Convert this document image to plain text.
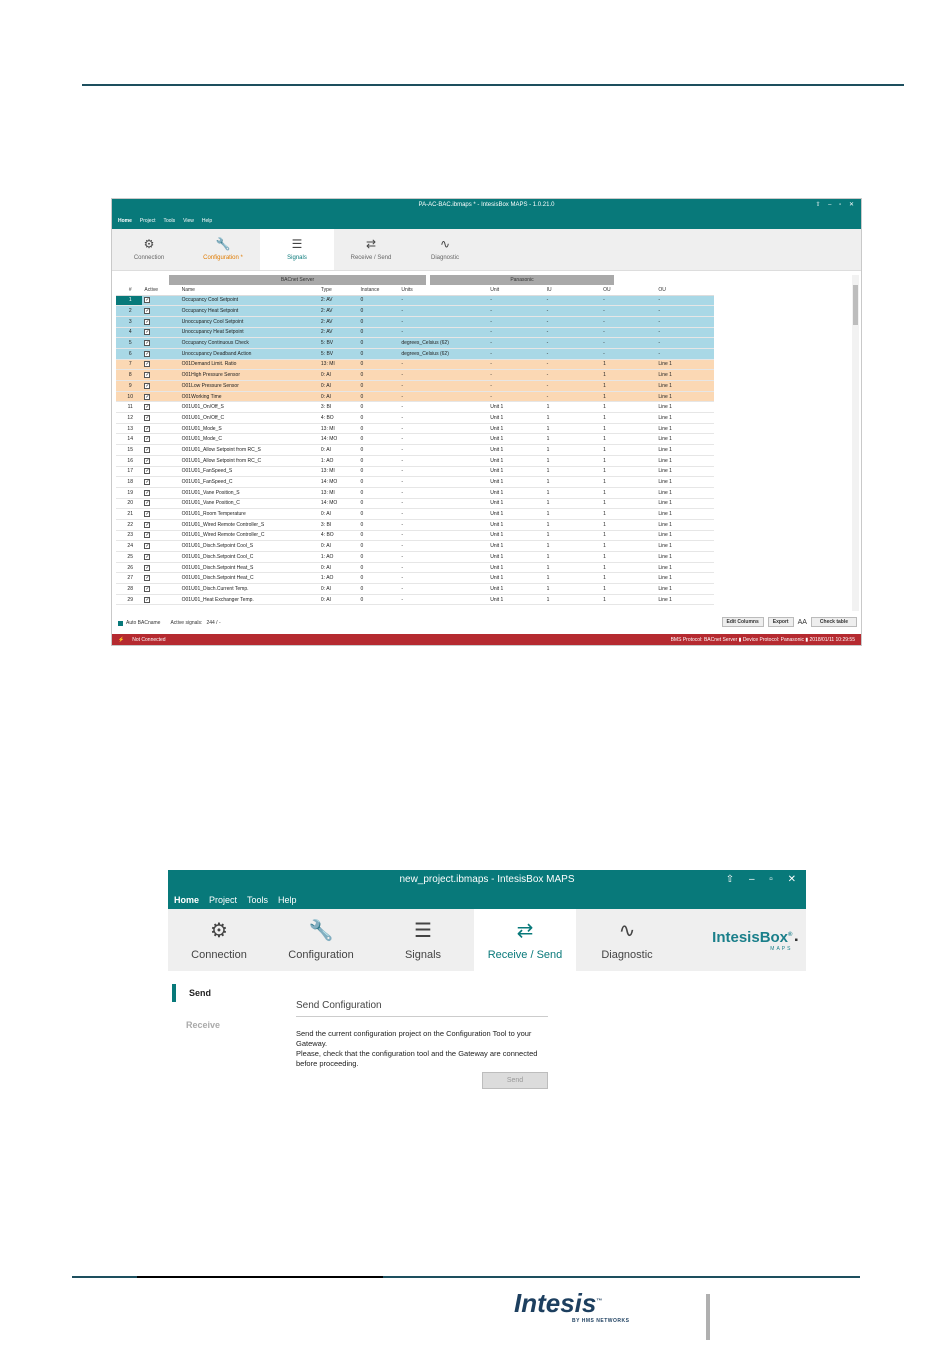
PA-AC-BAC.ibmaps * - IntesisBox MAPS - 1.0.21.0	⇧ – ▫ ✕
Home Project Tools View Help
⚙
Connection
🔧
Configuration *
☰
Signals
⇄
Receive / Send
∿
Diagnostic
BACnet Server	Panasonic
#	Active	Name	Type	Instance	Units	Unit	IU	OU	OU
1	✓	Occupancy Cool Setpoint	2: AV	0	-	-	-	-	-
2	✓	Occupancy Heat Setpoint	2: AV	0	-	-	-	-	-
3	✓	Unoccupancy Cool Setpoint	2: AV	0	-	-	-	-	-
4	✓	Unoccupancy Heat Setpoint	2: AV	0	-	-	-	-	-
5	✓	Occupancy Continuous Check	5: BV	0	degrees_Celsius (62)	-	-	-	-
6	✓	Unoccupancy Deadband Action	5: BV	0	degrees_Celsius (62)	-	-	-	-
7	✓	O01Demand Limit. Ratio	13: MI	0	-	-	-	1	Line 1
8	✓	O01High Pressure Sensor	0: AI	0	-	-	-	1	Line 1
9	✓	O01Low Pressure Sensor	0: AI	0	-	-	-	1	Line 1
10	✓	O01Working Time	0: AI	0	-	-	-	1	Line 1
11	✓	O01U01_On/Off_S	3: BI	0	-	Unit 1	1	1	Line 1
12	✓	O01U01_On/Off_C	4: BO	0	-	Unit 1	1	1	Line 1
13	✓	O01U01_Mode_S	13: MI	0	-	Unit 1	1	1	Line 1
14	✓	O01U01_Mode_C	14: MO	0	-	Unit 1	1	1	Line 1
15	✓	O01U01_Allow Setpoint from RC_S	0: AI	0	-	Unit 1	1	1	Line 1
16	✓	O01U01_Allow Setpoint from RC_C	1: AO	0	-	Unit 1	1	1	Line 1
17	✓	O01U01_FanSpeed_S	13: MI	0	-	Unit 1	1	1	Line 1
18	✓	O01U01_FanSpeed_C	14: MO	0	-	Unit 1	1	1	Line 1
19	✓	O01U01_Vane Position_S	13: MI	0	-	Unit 1	1	1	Line 1
20	✓	O01U01_Vane Position_C	14: MO	0	-	Unit 1	1	1	Line 1
21	✓	O01U01_Room Temperature	0: AI	0	-	Unit 1	1	1	Line 1
22	✓	O01U01_Wired Remote Controller_S	3: BI	0	-	Unit 1	1	1	Line 1
23	✓	O01U01_Wired Remote Controller_C	4: BO	0	-	Unit 1	1	1	Line 1
24	✓	O01U01_Disch.Setpoint Cool_S	0: AI	0	-	Unit 1	1	1	Line 1
25	✓	O01U01_Disch.Setpoint Cool_C	1: AO	0	-	Unit 1	1	1	Line 1
26	✓	O01U01_Disch.Setpoint Heat_S	0: AI	0	-	Unit 1	1	1	Line 1
27	✓	O01U01_Disch.Setpoint Heat_C	1: AO	0	-	Unit 1	1	1	Line 1
28	✓	O01U01_Disch.Current Temp.	0: AI	0	-	Unit 1	1	1	Line 1
29	✓	O01U01_Heat Exchanger Temp.	0: AI	0	-	Unit 1	1	1	Line 1
Auto BACname Active signals: 244 / -	Edit Columns	Export	AA	Check table
⚡ Not Connected	BMS Protocol: BACnet Server ▮ Device Protocol: Panasonic ▮ 2018/01/11 10:29:55
new_project.ibmaps - IntesisBox MAPS	⇧ – ▫ ✕
Home Project Tools Help
⚙
Connection
🔧
Configuration
☰
Signals
⇄
Receive / Send
∿
Diagnostic
IntesisBox®
MAPS
▪
Send
Receive
Send Configuration
Send the current configuration project on the Configuration Tool to your Gateway.
Please, check that the configuration tool and the Gateway are connected before proceeding.
Send
Intesis™
BY HMS NETWORKS
